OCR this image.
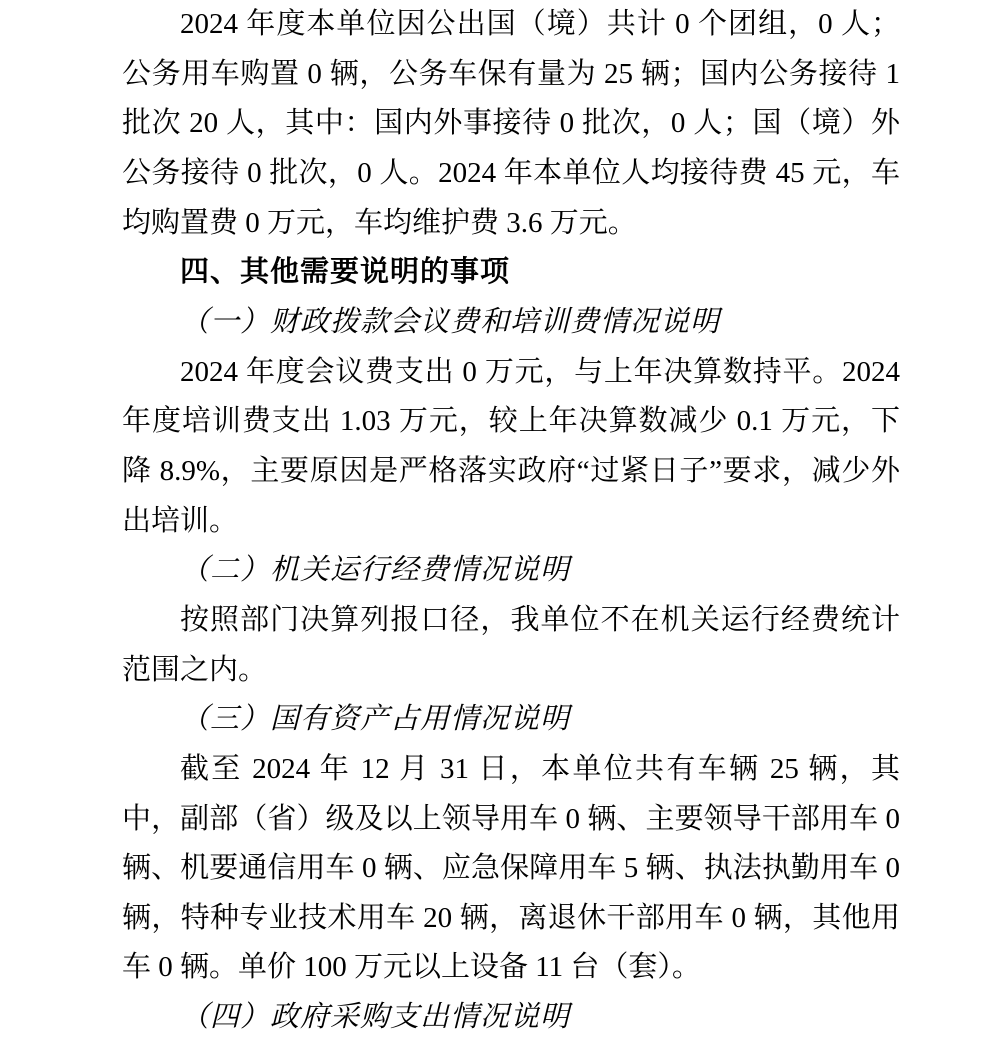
2024 年度本单位因公出国（境）共计 0 个团组，0 人；公务用车购置 0 辆，公务车保有量为 25 辆；国内公务接待 1 批次 20 人，其中：国内外事接待 0 批次，0 人；国（境）外公务接待 0 批次，0 人。2024 年本单位人均接待费 45 元，车均购置费 0 万元，车均维护费 3.6 万元。

四、其他需要说明的事项

（一）财政拨款会议费和培训费情况说明

2024 年度会议费支出 0 万元，与上年决算数持平。2024 年度培训费支出 1.03 万元，较上年决算数减少 0.1 万元，下降 8.9%，主要原因是严格落实政府“过紧日子”要求，减少外出培训。

（二）机关运行经费情况说明

按照部门决算列报口径，我单位不在机关运行经费统计范围之内。

（三）国有资产占用情况说明

截至 2024 年 12 月 31 日，本单位共有车辆 25 辆，其中，副部（省）级及以上领导用车 0 辆、主要领导干部用车 0 辆、机要通信用车 0 辆、应急保障用车 5 辆、执法执勤用车 0 辆，特种专业技术用车 20 辆，离退休干部用车 0 辆，其他用车 0 辆。单价 100 万元以上设备 11 台（套）。

（四）政府采购支出情况说明
